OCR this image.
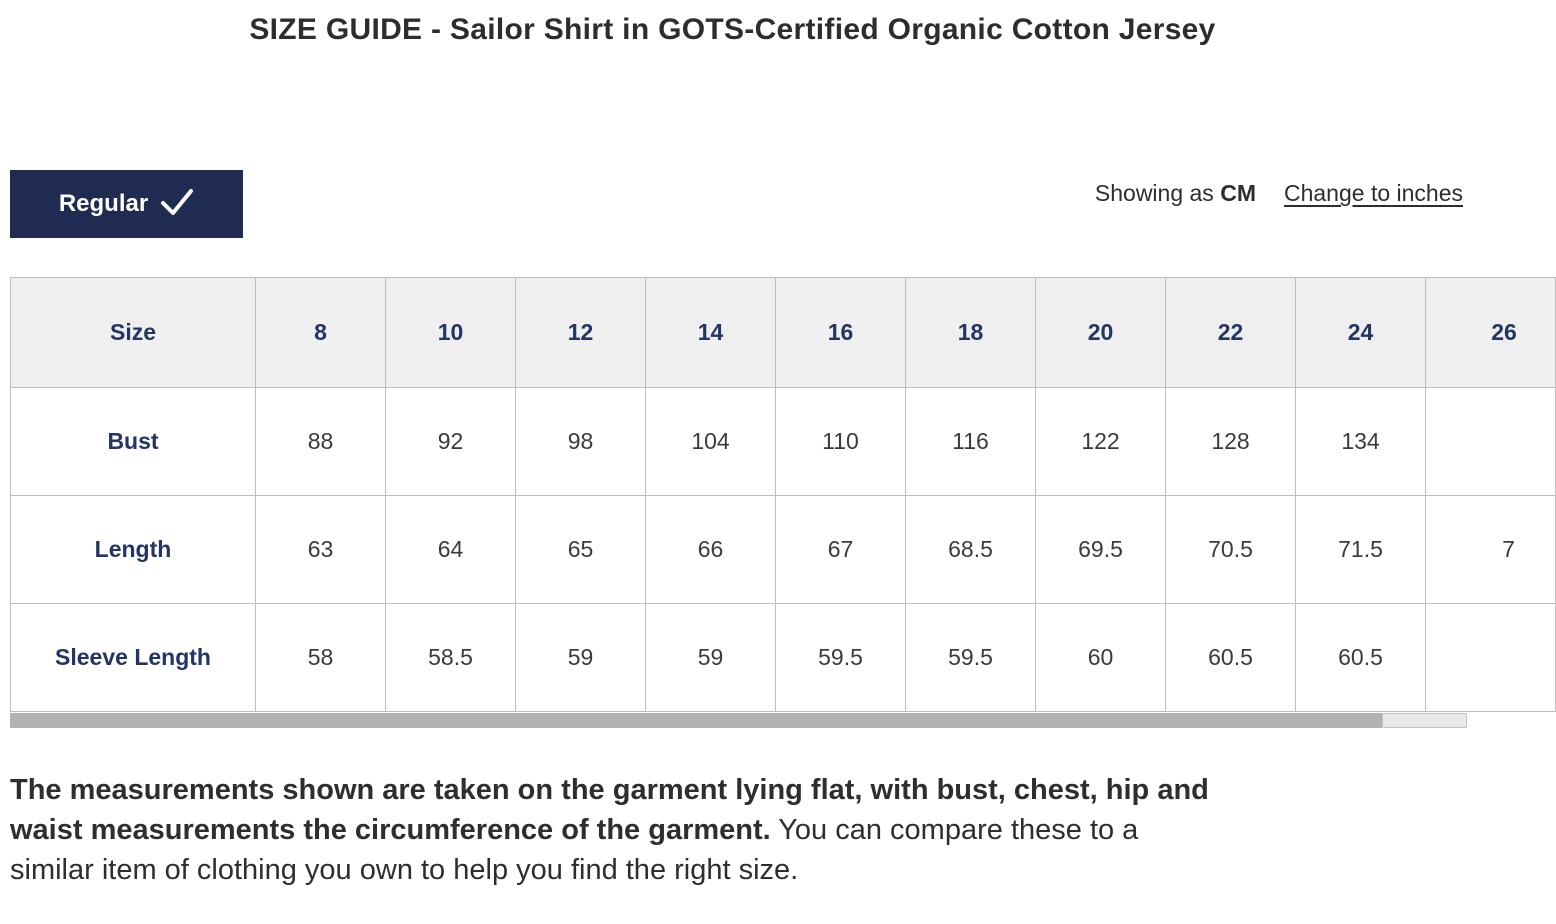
SIZE GUIDE - Sailor Shirt in GOTS-Certified Organic Cotton Jersey
Regular	Showing as CM Change to inches
Size	8	10	12	14	16	18	20	22	24	26
Bust	88	92	98	104	110	116	122	128	134	
Length	63	64	65	66	67	68.5	69.5	70.5	71.5	7
Sleeve Length	58	58.5	59	59	59.5	59.5	60	60.5	60.5	
The measurements shown are taken on the garment lying flat, with bust, chest, hip and
waist measurements the circumference of the garment. You can compare these to a
similar item of clothing you own to help you find the right size.
